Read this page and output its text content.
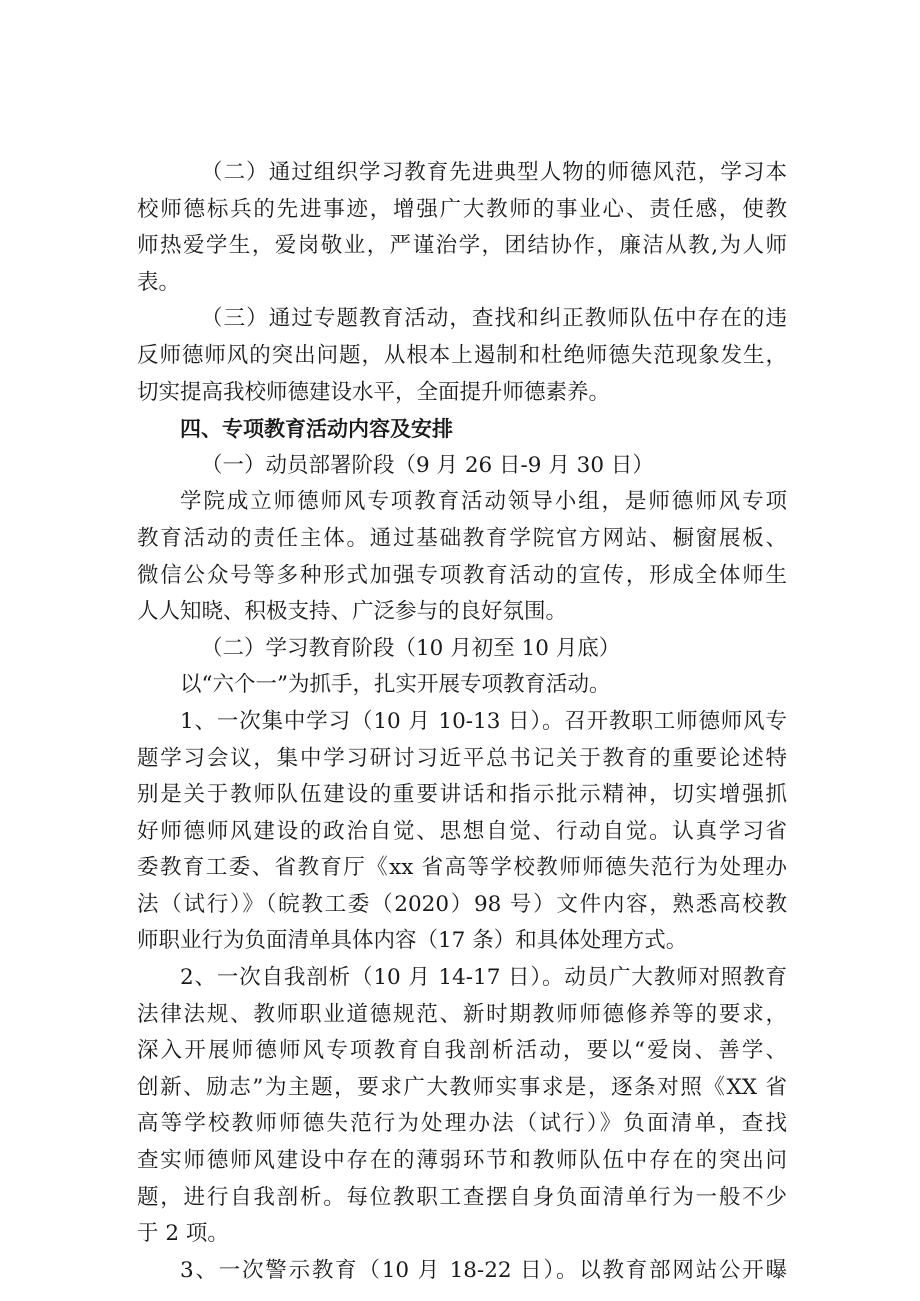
（二）通过组织学习教育先进典型人物的师德风范，学习本
校师德标兵的先进事迹，增强广大教师的事业心、责任感，使教
师热爱学生，爱岗敬业，严谨治学，团结协作，廉洁从教,为人师
表。
（三）通过专题教育活动，查找和纠正教师队伍中存在的违
反师德师风的突出问题，从根本上遏制和杜绝师德失范现象发生，
切实提高我校师德建设水平，全面提升师德素养。
四、专项教育活动内容及安排
（一）动员部署阶段（9 月 26 日-9 月 30 日）
学院成立师德师风专项教育活动领导小组，是师德师风专项
教育活动的责任主体。通过基础教育学院官方网站、橱窗展板、
微信公众号等多种形式加强专项教育活动的宣传，形成全体师生
人人知晓、积极支持、广泛参与的良好氛围。
（二）学习教育阶段（10 月初至 10 月底）
以“六个一”为抓手，扎实开展专项教育活动。
1、一次集中学习（10 月 10-13 日）。召开教职工师德师风专
题学习会议，集中学习研讨习近平总书记关于教育的重要论述特
别是关于教师队伍建设的重要讲话和指示批示精神，切实增强抓
好师德师风建设的政治自觉、思想自觉、行动自觉。认真学习省
委教育工委、省教育厅《xx 省高等学校教师师德失范行为处理办
法（试行）》（皖教工委（2020）98 号）文件内容，熟悉高校教
师职业行为负面清单具体内容（17 条）和具体处理方式。
2、一次自我剖析（10 月 14-17 日）。动员广大教师对照教育
法律法规、教师职业道德规范、新时期教师师德修养等的要求，
深入开展师德师风专项教育自我剖析活动，要以“爱岗、善学、
创新、励志”为主题，要求广大教师实事求是，逐条对照《XX 省
高等学校教师师德失范行为处理办法（试行）》负面清单，查找
查实师德师风建设中存在的薄弱环节和教师队伍中存在的突出问
题，进行自我剖析。每位教职工查摆自身负面清单行为一般不少
于 2 项。
3、一次警示教育（10 月 18-22 日）。以教育部网站公开曝
